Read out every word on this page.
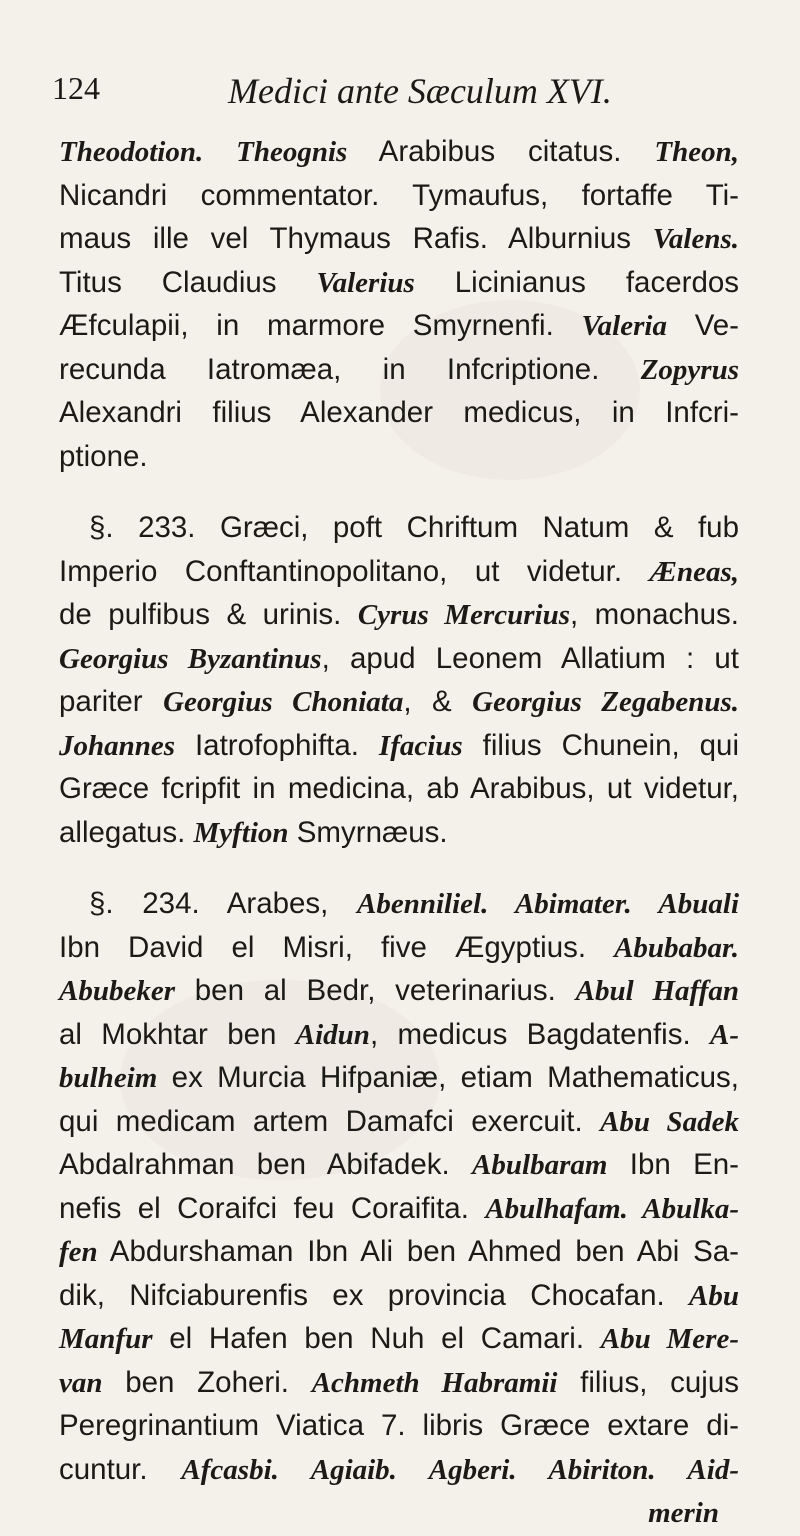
124	Medici ante Sæculum XVI.
Theodotion. Theognis Arabibus citatus. Theon,
Nicandri commentator. Tymaufus, fortaffe Ti-
maus ille vel Thymaus Rafis. Alburnius Valens.
Titus Claudius Valerius Licinianus facerdos
Æfculapii, in marmore Smyrnenfi. Valeria Ve-
recunda Iatromæa, in Infcriptione. Zopyrus
Alexandri filius Alexander medicus, in Infcri-
ptione.
§. 233. Græci, poft Chriftum Natum & fub
Imperio Conftantinopolitano, ut videtur. Æneas,
de pulfibus & urinis. Cyrus Mercurius, monachus.
Georgius Byzantinus, apud Leonem Allatium : ut
pariter Georgius Choniata, & Georgius Zegabenus.
Johannes Iatrofophifta. Ifacius filius Chunein, qui
Græce fcripfit in medicina, ab Arabibus, ut videtur,
allegatus. Myftion Smyrnæus.
§. 234. Arabes, Abenniliel. Abimater. Abuali
Ibn David el Misri, five Ægyptius. Abubabar.
Abubeker ben al Bedr, veterinarius. Abul Haffan
al Mokhtar ben Aidun, medicus Bagdatenfis. A-
bulheim ex Murcia Hifpaniæ, etiam Mathematicus,
qui medicam artem Damafci exercuit. Abu Sadek
Abdalrahman ben Abifadek. Abulbaram Ibn En-
nefis el Coraifci feu Coraifita. Abulhafam. Abulka-
fen Abdurshaman Ibn Ali ben Ahmed ben Abi Sa-
dik, Nifciaburenfis ex provincia Chocafan. Abu
Manfur el Hafen ben Nuh el Camari. Abu Mere-
van ben Zoheri. Achmeth Habramii filius, cujus
Peregrinantium Viatica 7. libris Græce extare di-
cuntur. Afcasbi. Agiaib. Agberi. Abiriton. Aid-
merin
